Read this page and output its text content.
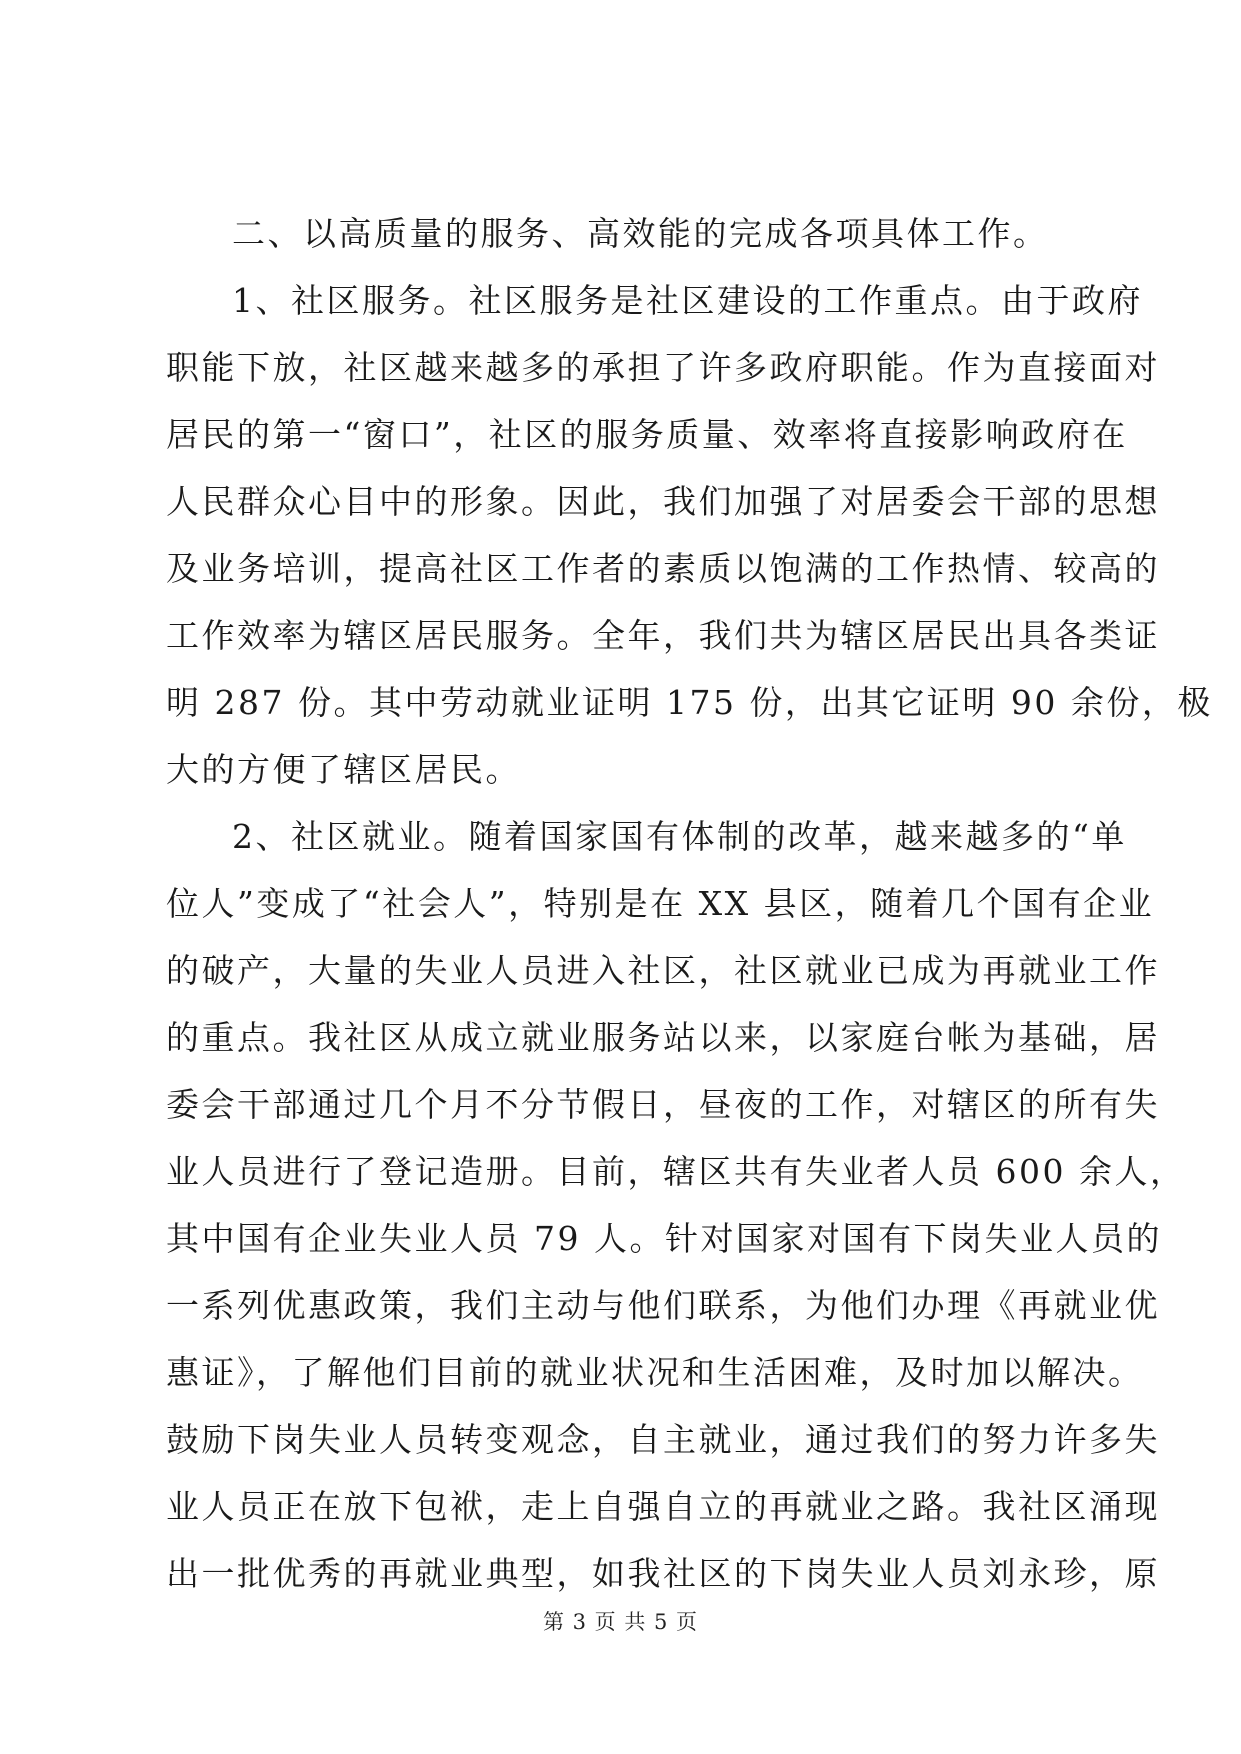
二、以高质量的服务、高效能的完成各项具体工作。
1、社区服务。社区服务是社区建设的工作重点。由于政府
职能下放，社区越来越多的承担了许多政府职能。作为直接面对
居民的第一“窗口”，社区的服务质量、效率将直接影响政府在
人民群众心目中的形象。因此，我们加强了对居委会干部的思想
及业务培训，提高社区工作者的素质以饱满的工作热情、较高的
工作效率为辖区居民服务。全年，我们共为辖区居民出具各类证
明 287 份。其中劳动就业证明 175 份，出其它证明 90 余份，极
大的方便了辖区居民。
2、社区就业。随着国家国有体制的改革，越来越多的“单
位人”变成了“社会人”，特别是在 XX 县区，随着几个国有企业
的破产，大量的失业人员进入社区，社区就业已成为再就业工作
的重点。我社区从成立就业服务站以来，以家庭台帐为基础，居
委会干部通过几个月不分节假日，昼夜的工作，对辖区的所有失
业人员进行了登记造册。目前，辖区共有失业者人员 600 余人，
其中国有企业失业人员 79 人。针对国家对国有下岗失业人员的
一系列优惠政策，我们主动与他们联系，为他们办理《再就业优
惠证》，了解他们目前的就业状况和生活困难，及时加以解决。
鼓励下岗失业人员转变观念，自主就业，通过我们的努力许多失
业人员正在放下包袱，走上自强自立的再就业之路。我社区涌现
出一批优秀的再就业典型，如我社区的下岗失业人员刘永珍，原
第 3 页 共 5 页
